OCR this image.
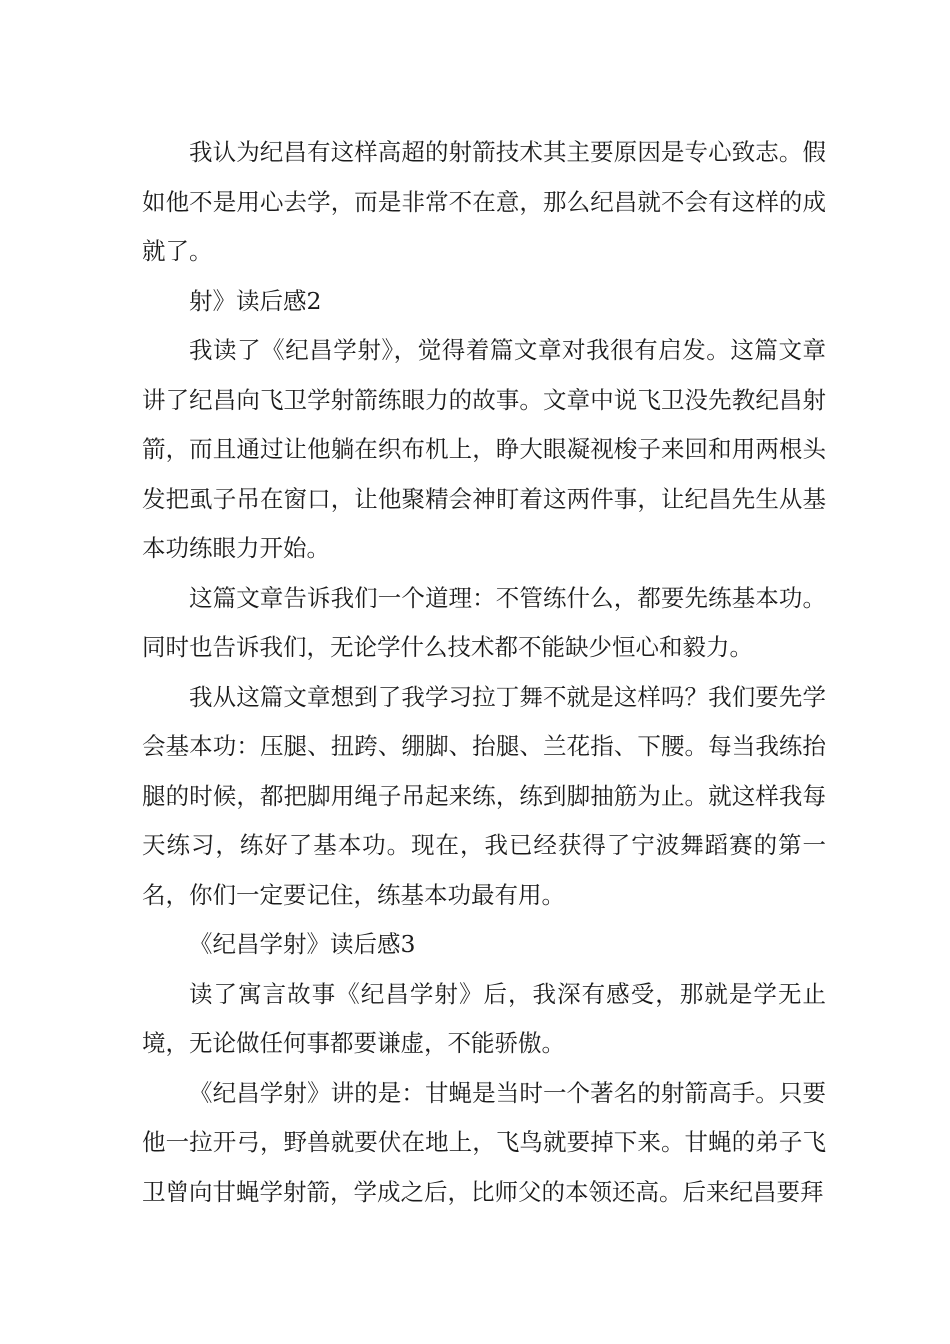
我认为纪昌有这样高超的射箭技术其主要原因是专心致志。假如他不是用心去学，而是非常不在意，那么纪昌就不会有这样的成就了。

射》读后感2

我读了《纪昌学射》，觉得着篇文章对我很有启发。这篇文章讲了纪昌向飞卫学射箭练眼力的故事。文章中说飞卫没先教纪昌射箭，而且通过让他躺在织布机上，睁大眼凝视梭子来回和用两根头发把虱子吊在窗口，让他聚精会神盯着这两件事，让纪昌先生从基本功练眼力开始。

这篇文章告诉我们一个道理：不管练什么，都要先练基本功。同时也告诉我们，无论学什么技术都不能缺少恒心和毅力。

我从这篇文章想到了我学习拉丁舞不就是这样吗？我们要先学会基本功：压腿、扭跨、绷脚、抬腿、兰花指、下腰。每当我练抬腿的时候，都把脚用绳子吊起来练，练到脚抽筋为止。就这样我每天练习，练好了基本功。现在，我已经获得了宁波舞蹈赛的第一名，你们一定要记住，练基本功最有用。

《纪昌学射》读后感3

读了寓言故事《纪昌学射》后，我深有感受，那就是学无止境，无论做任何事都要谦虚，不能骄傲。

《纪昌学射》讲的是：甘蝇是当时一个著名的射箭高手。只要他一拉开弓，野兽就要伏在地上，飞鸟就要掉下来。甘蝇的弟子飞卫曾向甘蝇学射箭，学成之后，比师父的本领还高。后来纪昌要拜
